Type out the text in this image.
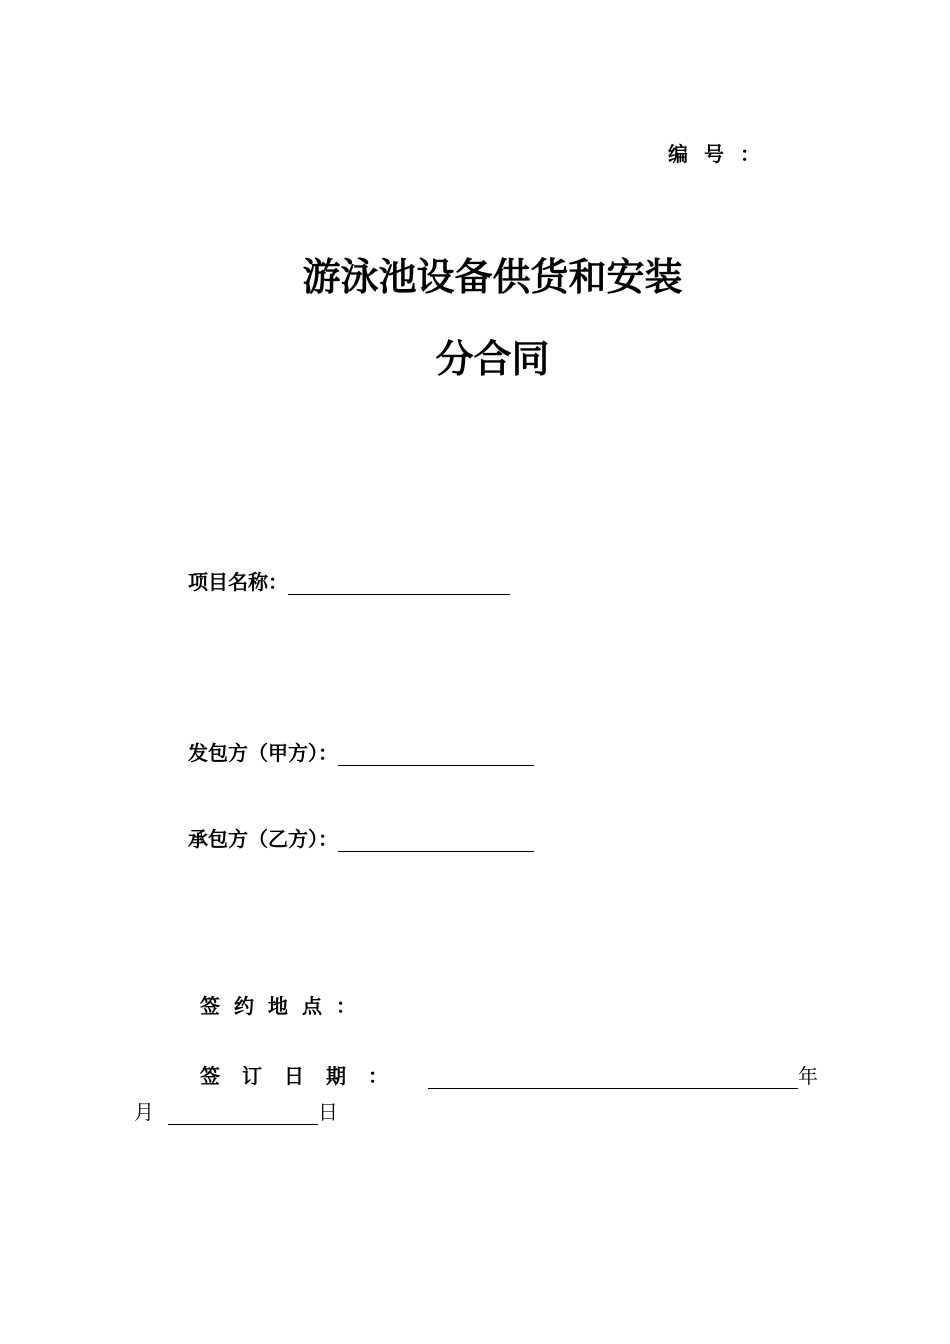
编号：
游泳池设备供货和安装
分合同
项目名称：
发包方（甲方）：
承包方（乙方）：
签约地点：
签订日期：	年
月	日
